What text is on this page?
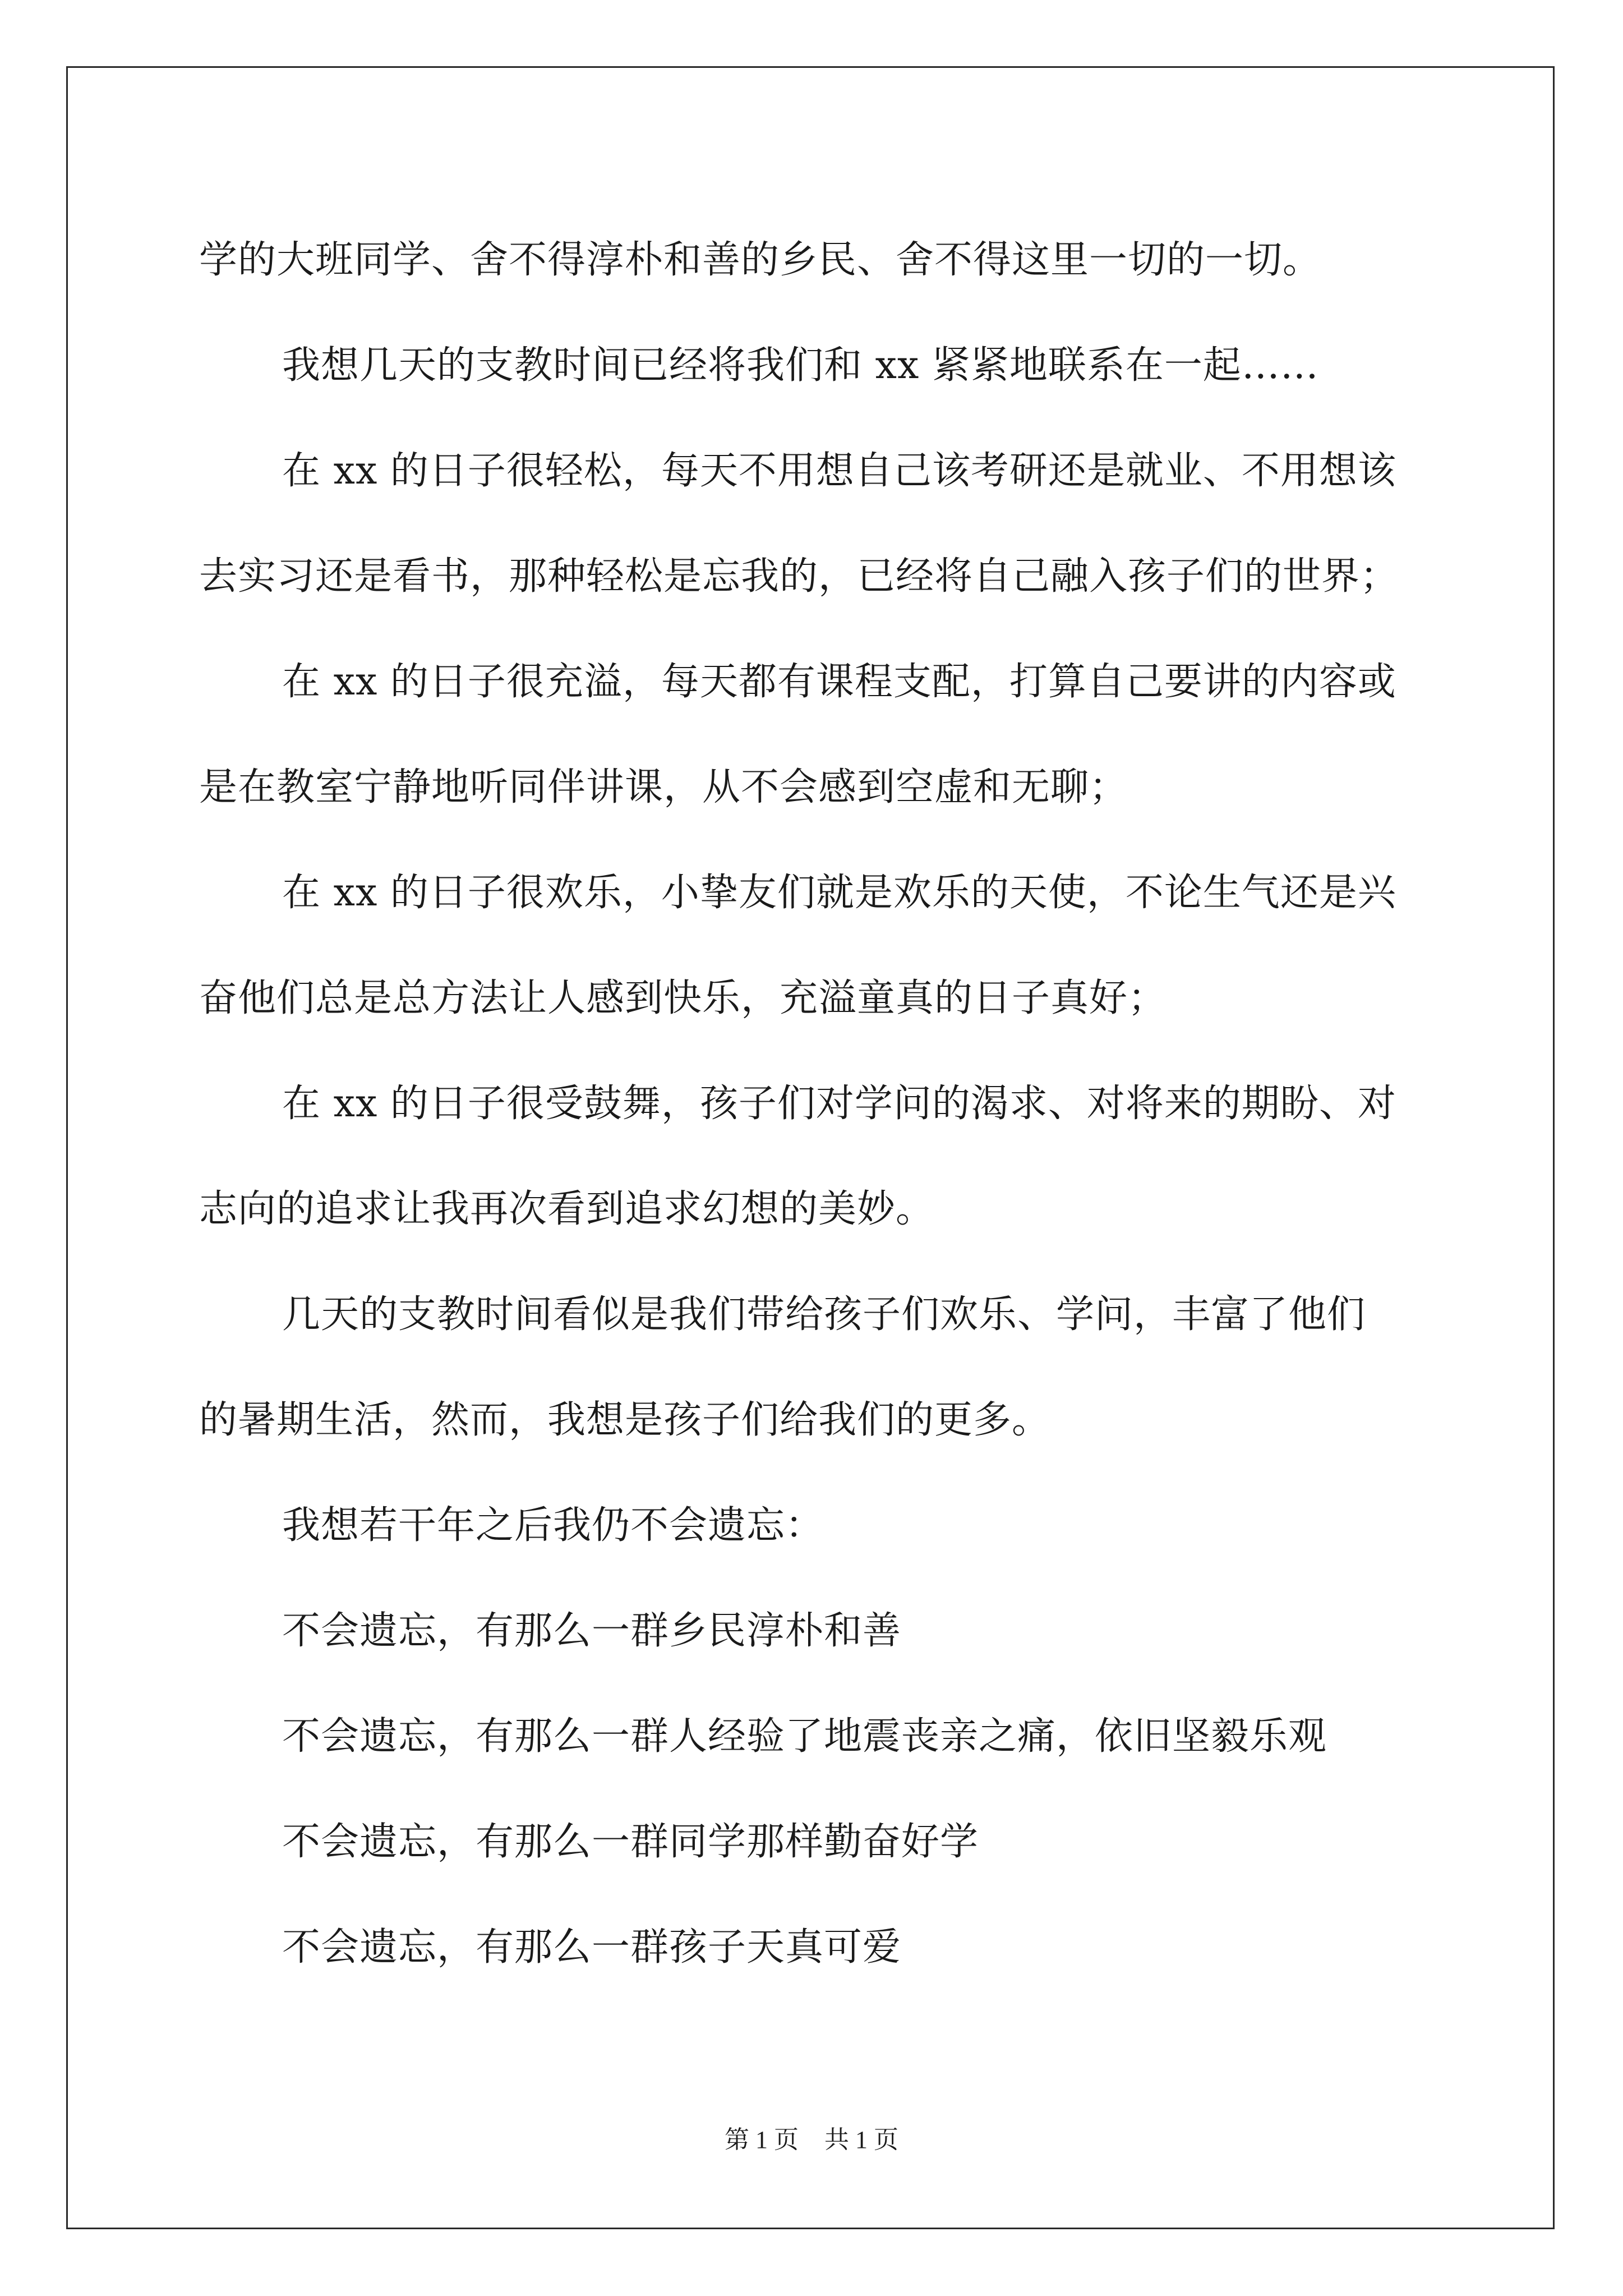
学的大班同学、舍不得淳朴和善的乡民、舍不得这里一切的一切。
我想几天的支教时间已经将我们和 xx 紧紧地联系在一起……
在 xx 的日子很轻松，每天不用想自己该考研还是就业、不用想该
去实习还是看书，那种轻松是忘我的，已经将自己融入孩子们的世界；
在 xx 的日子很充溢，每天都有课程支配，打算自己要讲的内容或
是在教室宁静地听同伴讲课，从不会感到空虚和无聊；
在 xx 的日子很欢乐，小挚友们就是欢乐的天使，不论生气还是兴
奋他们总是总方法让人感到快乐，充溢童真的日子真好；
在 xx 的日子很受鼓舞，孩子们对学问的渴求、对将来的期盼、对
志向的追求让我再次看到追求幻想的美妙。
几天的支教时间看似是我们带给孩子们欢乐、学问，丰富了他们
的暑期生活，然而，我想是孩子们给我们的更多。
我想若干年之后我仍不会遗忘：
不会遗忘，有那么一群乡民淳朴和善
不会遗忘，有那么一群人经验了地震丧亲之痛，依旧坚毅乐观
不会遗忘，有那么一群同学那样勤奋好学
不会遗忘，有那么一群孩子天真可爱
第 1 页 共 1 页
